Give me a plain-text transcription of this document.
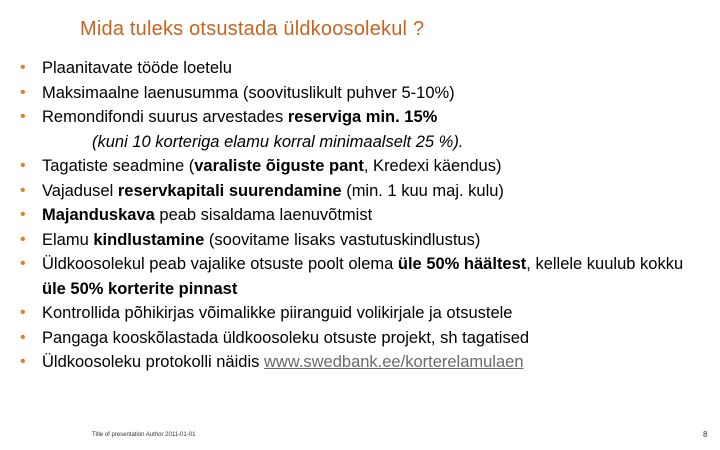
Mida tuleks otsustada üldkoosolekul ?
• Plaanitavate tööde loetelu
• Maksimaalne laenusumma (soovituslikult puhver 5-10%)
• Remondifondi suurus arvestades reserviga min. 15%
(kuni 10 korteriga elamu korral minimaalselt 25 %).
• Tagatiste seadmine (varaliste õiguste pant, Kredexi käendus)
• Vajadusel reservkapitali suurendamine (min. 1 kuu maj. kulu)
• Majanduskava peab sisaldama laenuvõtmist
• Elamu kindlustamine (soovitame lisaks vastutuskindlustus)
• Üldkoosolekul peab vajalike otsuste poolt olema üle 50% häältest, kellele kuulub kokku üle 50% korterite pinnast
• Kontrollida põhikirjas võimalikke piiranguid volikirjale ja otsustele
• Pangaga kooskõlastada üldkoosoleku otsuste projekt, sh tagatised
• Üldkoosoleku protokolli näidis www.swedbank.ee/korterelamulaen
Title of presentation Author 2011-01-01	8
